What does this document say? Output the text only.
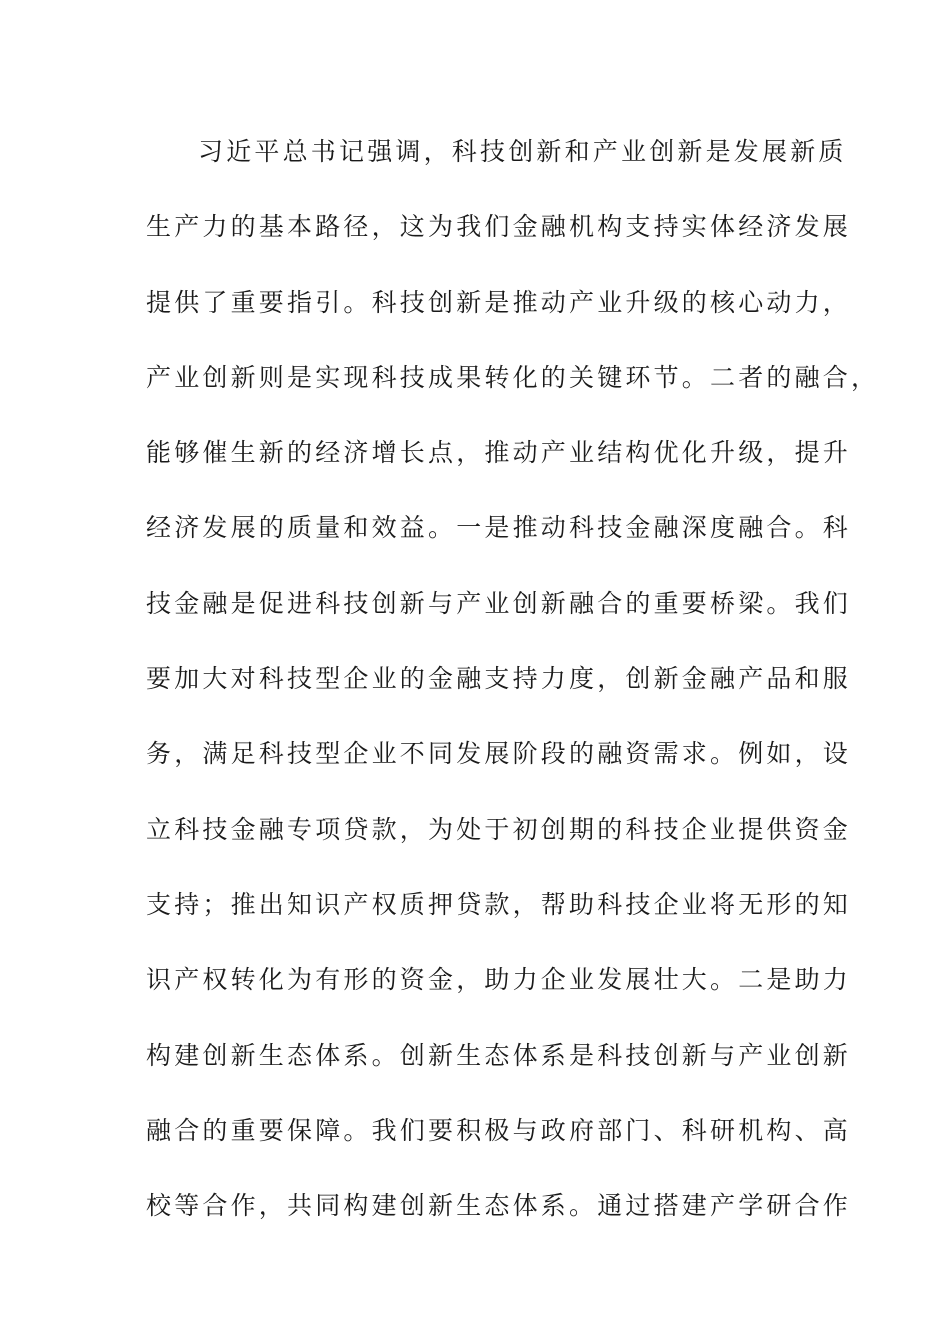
习近平总书记强调，科技创新和产业创新是发展新质
生产力的基本路径，这为我们金融机构支持实体经济发展
提供了重要指引。科技创新是推动产业升级的核心动力，
产业创新则是实现科技成果转化的关键环节。二者的融合，
能够催生新的经济增长点，推动产业结构优化升级，提升
经济发展的质量和效益。一是推动科技金融深度融合。科
技金融是促进科技创新与产业创新融合的重要桥梁。我们
要加大对科技型企业的金融支持力度，创新金融产品和服
务，满足科技型企业不同发展阶段的融资需求。例如，设
立科技金融专项贷款，为处于初创期的科技企业提供资金
支持；推出知识产权质押贷款，帮助科技企业将无形的知
识产权转化为有形的资金，助力企业发展壮大。二是助力
构建创新生态体系。创新生态体系是科技创新与产业创新
融合的重要保障。我们要积极与政府部门、科研机构、高
校等合作，共同构建创新生态体系。通过搭建产学研合作
